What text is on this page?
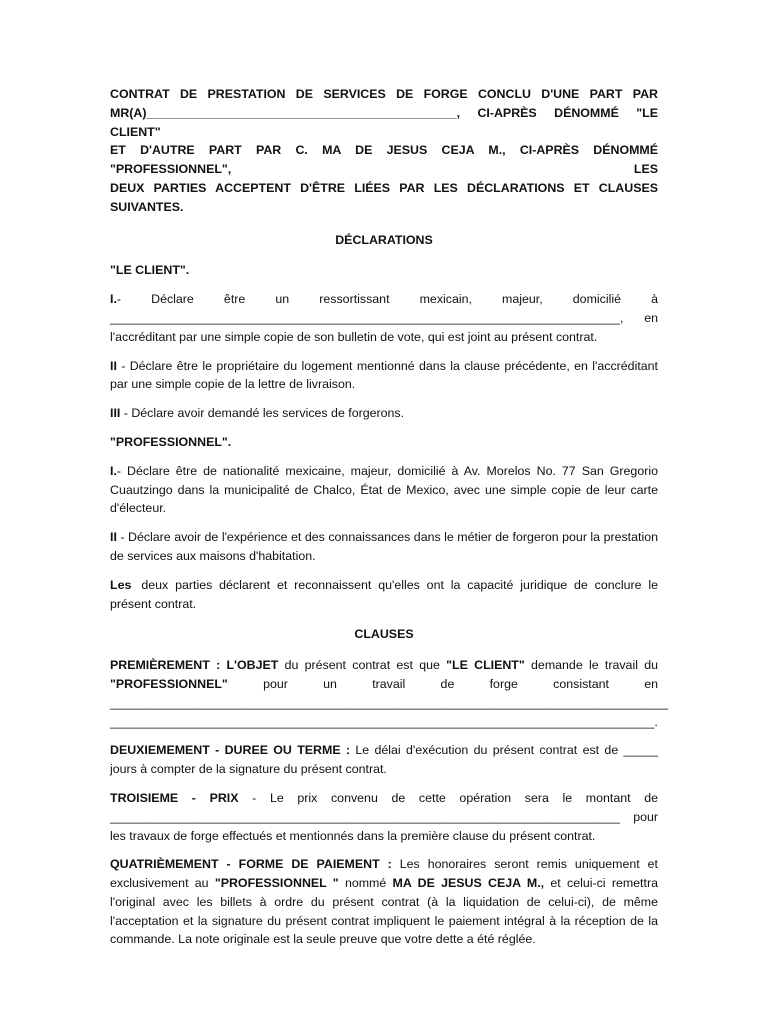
CONTRAT DE PRESTATION DE SERVICES DE FORGE CONCLU D'UNE PART PAR
MR(A)_____________________________________________, CI-APRÈS DÉNOMMÉ "LE CLIENT"
ET D'AUTRE PART PAR C. MA DE JESUS CEJA M., CI-APRÈS DÉNOMMÉ "PROFESSIONNEL", LES
DEUX PARTIES ACCEPTENT D'ÊTRE LIÉES PAR LES DÉCLARATIONS ET CLAUSES SUIVANTES.
DÉCLARATIONS

"LE CLIENT".

I.- Déclare être un ressortissant mexicain, majeur, domicilié à
__________________________________________________________________________, en
l'accréditant par une simple copie de son bulletin de vote, qui est joint au présent contrat.

II - Déclare être le propriétaire du logement mentionné dans la clause précédente, en l'accréditant par une simple copie de la lettre de livraison.

III - Déclare avoir demandé les services de forgerons.

"PROFESSIONNEL".

I.- Déclare être de nationalité mexicaine, majeur, domicilié à Av. Morelos No. 77 San Gregorio Cuautzingo dans la municipalité de Chalco, État de Mexico, avec une simple copie de leur carte d'électeur.

II - Déclare avoir de l'expérience et des connaissances dans le métier de forgeron pour la prestation de services aux maisons d'habitation.

Les deux parties déclarent et reconnaissent qu'elles ont la capacité juridique de conclure le présent contrat.

CLAUSES

PREMIÈREMENT : L'OBJET du présent contrat est que "LE CLIENT" demande le travail du
"PROFESSIONNEL" pour un travail de forge consistant en
_________________________________________________________________________________
_______________________________________________________________________________.

DEUXIEMEMENT - DUREE OU TERME : Le délai d'exécution du présent contrat est de _____
jours à compter de la signature du présent contrat.

TROISIEME - PRIX - Le prix convenu de cette opération sera le montant de
__________________________________________________________________________ pour
les travaux de forge effectués et mentionnés dans la première clause du présent contrat.

QUATRIÈMEMENT - FORME DE PAIEMENT : Les honoraires seront remis uniquement et exclusivement au "PROFESSIONNEL " nommé MA DE JESUS CEJA M., et celui-ci remettra l'original avec les billets à ordre du présent contrat (à la liquidation de celui-ci), de même l'acceptation et la signature du présent contrat impliquent le paiement intégral à la réception de la commande. La note originale est la seule preuve que votre dette a été réglée.
